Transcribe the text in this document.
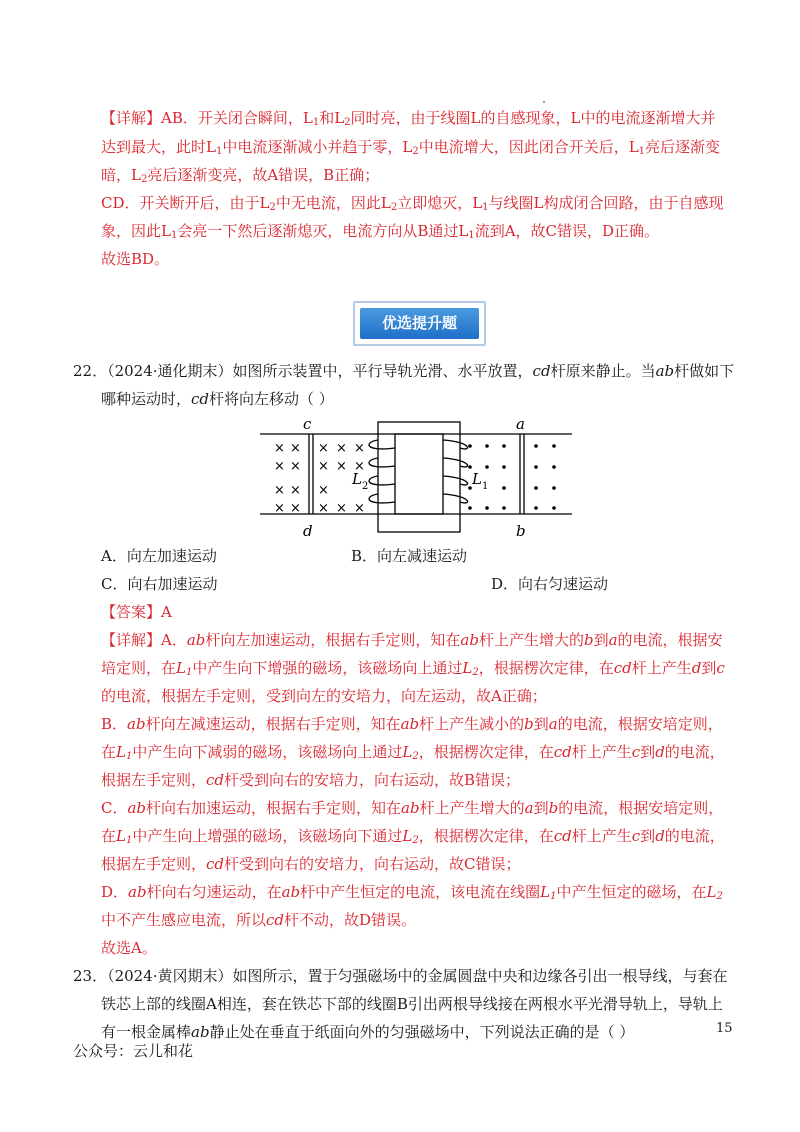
【详解】AB．开关闭合瞬间，$L_1$和$L_2$同时亮，由于线圈L的自感现象，L中的电流逐渐增大并
达到最大，此时$L_1$中电流逐渐减小并趋于零，$L_2$中电流增大，因此闭合开关后，$L_1$亮后逐渐变
暗，$L_2$亮后逐渐变亮，故A错误，B正确；
CD．开关断开后，由于$L_2$中无电流，因此$L_2$立即熄灭，$L_1$与线圈L构成闭合回路，由于自感现
象，因此$L_1$会亮一下然后逐渐熄灭，电流方向从B通过$L_1$流到A，故C错误，D正确。
故选BD。
优选提升题
22．（2024·通化期末）如图所示装置中，平行导轨光滑、水平放置，cd杆原来静止。当ab杆做如下
哪种运动时，cd杆将向左移动（ ）
× × × × ×
× × × × ×
× × ×
× × × × ×
c
d
a
b
L	L
2	1
A．向左加速运动	B．向左减速运动
C．向右加速运动	D．向右匀速运动
【答案】A
【详解】A．ab杆向左加速运动，根据右手定则，知在ab杆上产生增大的b到a的电流，根据安
培定则，在$L_1$中产生向下增强的磁场，该磁场向上通过$L_2$，根据楞次定律，在cd杆上产生d到c
的电流，根据左手定则，受到向左的安培力，向左运动，故A正确；
B．ab杆向左减速运动，根据右手定则，知在ab杆上产生减小的b到a的电流，根据安培定则，
在$L_1$中产生向下减弱的磁场，该磁场向上通过$L_2$，根据楞次定律，在cd杆上产生c到d的电流，
根据左手定则，cd杆受到向右的安培力，向右运动，故B错误；
C．ab杆向右加速运动，根据右手定则，知在ab杆上产生增大的a到b的电流，根据安培定则，
在$L_1$中产生向上增强的磁场，该磁场向下通过$L_2$，根据楞次定律，在cd杆上产生c到d的电流，
根据左手定则，cd杆受到向右的安培力，向右运动，故C错误；
D．ab杆向右匀速运动，在ab杆中产生恒定的电流，该电流在线圈$L_1$中产生恒定的磁场，在$L_2$
中不产生感应电流，所以cd杆不动，故D错误。
故选A。
23．（2024·黄冈期末）如图所示，置于匀强磁场中的金属圆盘中央和边缘各引出一根导线，与套在
铁芯上部的线圈A相连，套在铁芯下部的线圈B引出两根导线接在两根水平光滑导轨上，导轨上
有一根金属棒ab静止处在垂直于纸面向外的匀强磁场中，下列说法正确的是（ ）	15
公众号：云儿和花
